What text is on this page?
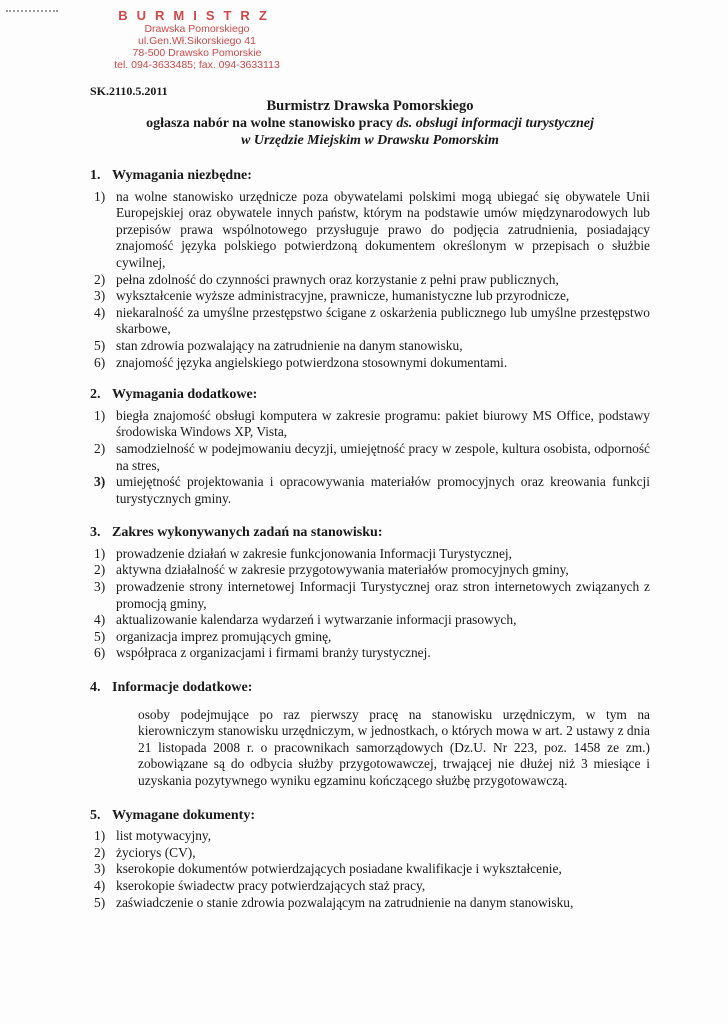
BURMISTRZ
Drawska Pomorskiego
ul.Gen.Wł.Sikorskiego 41
78-500 Drawsko Pomorskie
tel. 094-3633485; fax. 094-3633113
SK.2110.5.2011
Burmistrz Drawska Pomorskiego
ogłasza nabór na wolne stanowisko pracy ds. obsługi informacji turystycznej
w Urzędzie Miejskim w Drawsku Pomorskim
1. Wymagania niezbędne:
1) na wolne stanowisko urzędnicze poza obywatelami polskimi mogą ubiegać się obywatele Unii Europejskiej oraz obywatele innych państw, którym na podstawie umów międzynarodowych lub przepisów prawa wspólnotowego przysługuje prawo do podjęcia zatrudnienia, posiadający znajomość języka polskiego potwierdzoną dokumentem określonym w przepisach o służbie cywilnej,
2) pełna zdolność do czynności prawnych oraz korzystanie z pełni praw publicznych,
3) wykształcenie wyższe administracyjne, prawnicze, humanistyczne lub przyrodnicze,
4) niekaralność za umyślne przestępstwo ścigane z oskarżenia publicznego lub umyślne przestępstwo skarbowe,
5) stan zdrowia pozwalający na zatrudnienie na danym stanowisku,
6) znajomość języka angielskiego potwierdzona stosownymi dokumentami.
2. Wymagania dodatkowe:
1) biegła znajomość obsługi komputera w zakresie programu: pakiet biurowy MS Office, podstawy środowiska Windows XP, Vista,
2) samodzielność w podejmowaniu decyzji, umiejętność pracy w zespole, kultura osobista, odporność na stres,
3) umiejętność projektowania i opracowywania materiałów promocyjnych oraz kreowania funkcji turystycznych gminy.
3. Zakres wykonywanych zadań na stanowisku:
1) prowadzenie działań w zakresie funkcjonowania Informacji Turystycznej,
2) aktywna działalność w zakresie przygotowywania materiałów promocyjnych gminy,
3) prowadzenie strony internetowej Informacji Turystycznej oraz stron internetowych związanych z promocją gminy,
4) aktualizowanie kalendarza wydarzeń i wytwarzanie informacji prasowych,
5) organizacja imprez promujących gminę,
6) współpraca z organizacjami i firmami branży turystycznej.
4. Informacje dodatkowe:

osoby podejmujące po raz pierwszy pracę na stanowisku urzędniczym, w tym na kierowniczym stanowisku urzędniczym, w jednostkach, o których mowa w art. 2 ustawy z dnia 21 listopada 2008 r. o pracownikach samorządowych (Dz.U. Nr 223, poz. 1458 ze zm.) zobowiązane są do odbycia służby przygotowawczej, trwającej nie dłużej niż 3 miesiące i uzyskania pozytywnego wyniku egzaminu kończącego służbę przygotowawczą.

5. Wymagane dokumenty:
1) list motywacyjny,
2) życiorys (CV),
3) kserokopie dokumentów potwierdzających posiadane kwalifikacje i wykształcenie,
4) kserokopie świadectw pracy potwierdzających staż pracy,
5) zaświadczenie o stanie zdrowia pozwalającym na zatrudnienie na danym stanowisku,
